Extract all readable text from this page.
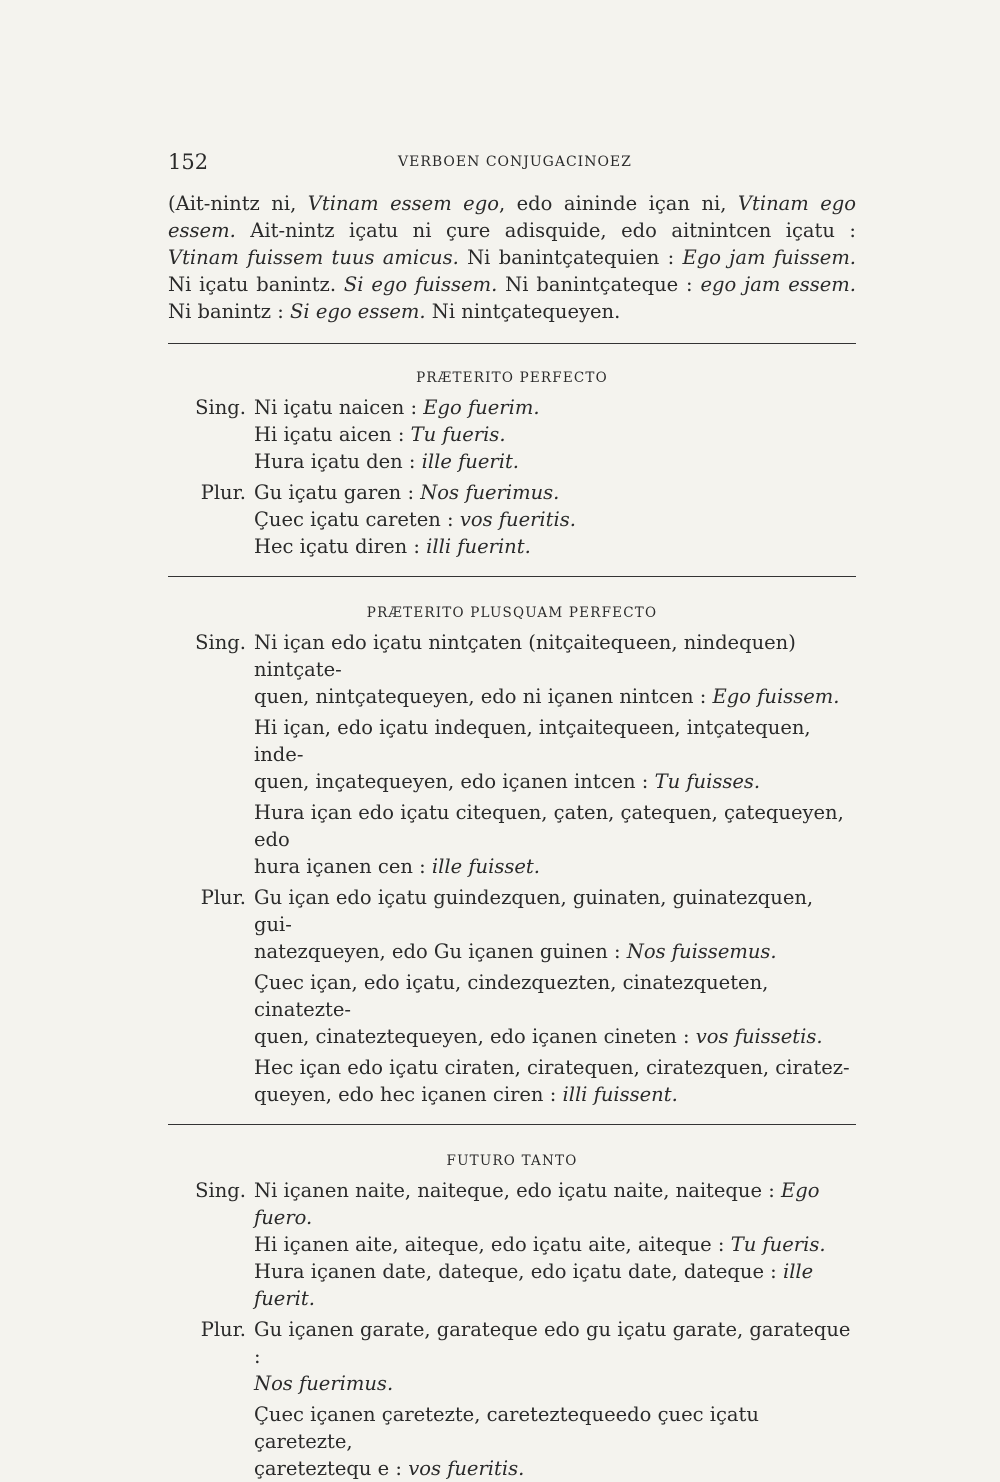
152	VERBOEN CONJUGACINOEZ

(Ait-nintz ni, Vtinam essem ego, edo aininde içan ni, Vtinam ego essem. Ait-nintz içatu ni çure adisquide, edo aitnintcen içatu : Vtinam fuissem tuus amicus. Ni banintçatequien : Ego jam fuissem. Ni içatu banintz. Si ego fuissem. Ni banintçateque : ego jam essem. Ni banintz : Si ego essem. Ni nintçatequeyen.

PRÆTERITO PERFECTO

Sing. Ni içatu naicen : Ego fuerim.
Hi içatu aicen : Tu fueris.
Hura içatu den : ille fuerit.
Plur. Gu içatu garen : Nos fuerimus.
Çuec içatu careten : vos fueritis.
Hec içatu diren : illi fuerint.

PRÆTERITO PLUSQUAM PERFECTO

Sing. Ni içan edo içatu nintçaten (nitçaitequeen, nindequen) nintçate-
quen, nintçatequeyen, edo ni içanen nintcen : Ego fuissem.
Hi içan, edo içatu indequen, intçaitequeen, intçatequen, inde-
quen, inçatequeyen, edo içanen intcen : Tu fuisses.
Hura içan edo içatu citequen, çaten, çatequen, çatequeyen, edo
hura içanen cen : ille fuisset.
Plur. Gu içan edo içatu guindezquen, guinaten, guinatezquen, gui-
natezqueyen, edo Gu içanen guinen : Nos fuissemus.
Çuec içan, edo içatu, cindezquezten, cinatezqueten, cinatezte-
quen, cinateztequeyen, edo içanen cineten : vos fuissetis.
Hec içan edo içatu ciraten, ciratequen, ciratezquen, ciratez-
queyen, edo hec içanen ciren : illi fuissent.

FUTURO TANTO

Sing. Ni içanen naite, naiteque, edo içatu naite, naiteque : Ego fuero.
Hi içanen aite, aiteque, edo içatu aite, aiteque : Tu fueris.
Hura içanen date, dateque, edo içatu date, dateque : ille fuerit.
Plur. Gu içanen garate, garateque edo gu içatu garate, garateque :
Nos fuerimus.
Çuec içanen çaretezte, careteztequeedo çuec içatu çaretezte,
çareteztequ e : vos fueritis.
